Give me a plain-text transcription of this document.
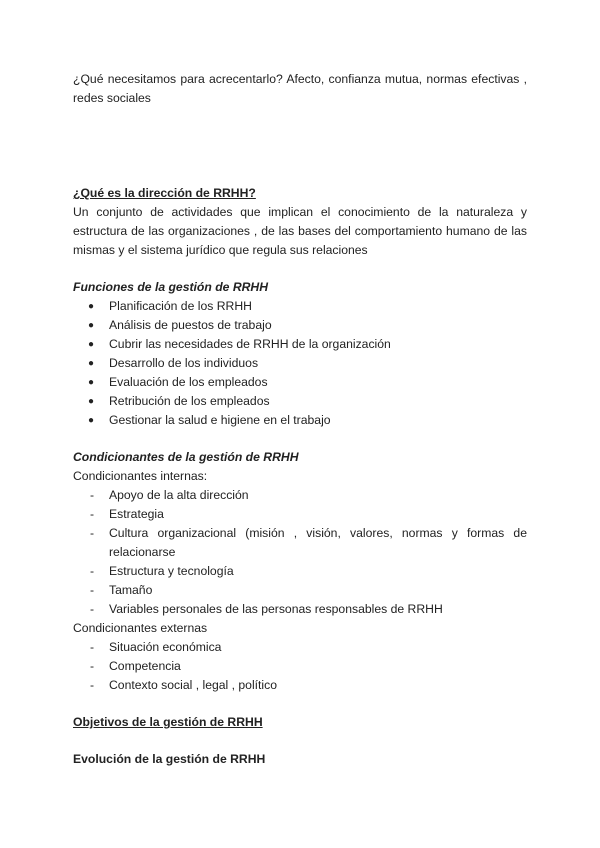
¿Qué necesitamos para acrecentarlo? Afecto, confianza mutua, normas efectivas , redes sociales

¿Qué es la dirección de RRHH?

Un conjunto de actividades que implican el conocimiento de la naturaleza y estructura de las organizaciones , de las bases del comportamiento humano de las mismas y el sistema jurídico que regula sus relaciones

Funciones de la gestión de RRHH

● Planificación de los RRHH
● Análisis de puestos de trabajo
● Cubrir las necesidades de RRHH de la organización
● Desarrollo de los individuos
● Evaluación de los empleados
● Retribución de los empleados
● Gestionar la salud e higiene en el trabajo

Condicionantes de la gestión de RRHH

Condicionantes internas:

- Apoyo de la alta dirección
- Estrategia
- Cultura organizacional (misión , visión, valores, normas y formas de relacionarse
- Estructura y tecnología
- Tamaño
- Variables personales de las personas responsables de RRHH

Condicionantes externas

- Situación económica
- Competencia
- Contexto social , legal , político

Objetivos de la gestión de RRHH

Evolución de la gestión de RRHH
